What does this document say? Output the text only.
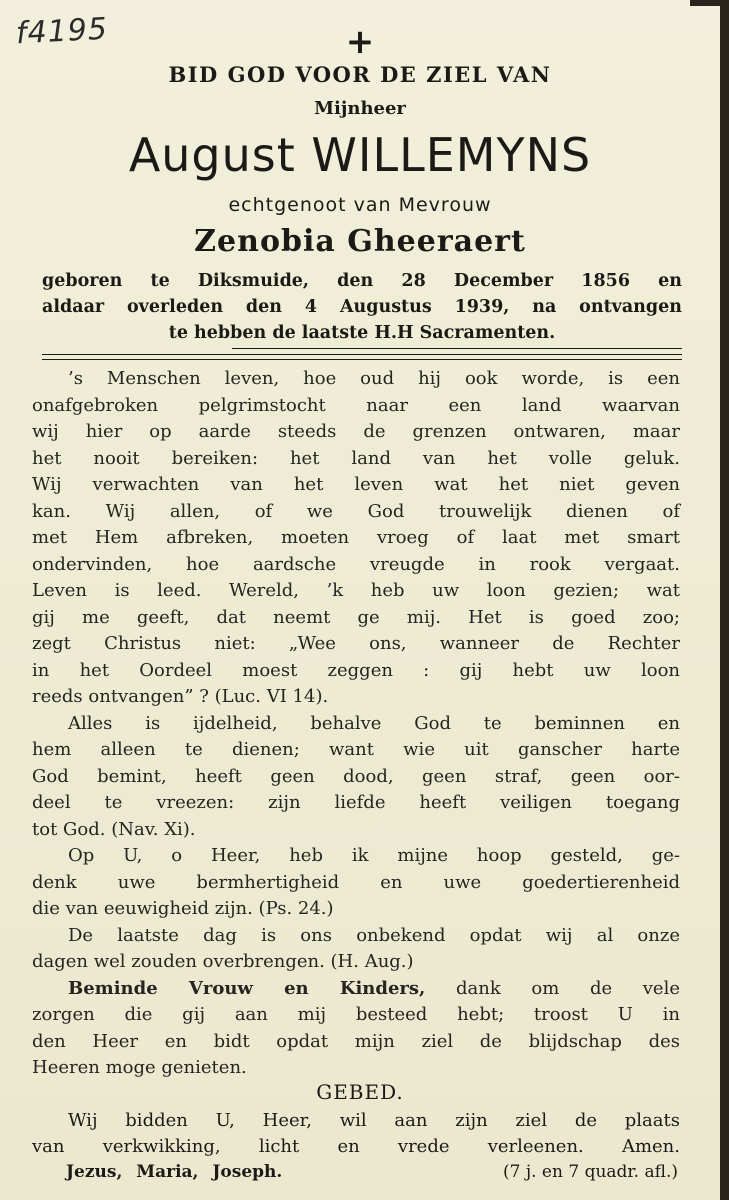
f4195	+
BID GOD VOOR DE ZIEL VAN
Mijnheer
August WILLEMYNS
echtgenoot van Mevrouw
Zenobia Gheeraert
geboren te Diksmuide, den 28 December 1856 en
aldaar overleden den 4 Augustus 1939, na ontvangen
te hebben de laatste H.H Sacramenten.
’s Menschen leven, hoe oud hij ook worde, is een
onafgebroken pelgrimstocht naar een land waarvan
wij hier op aarde steeds de grenzen ontwaren, maar
het nooit bereiken: het land van het volle geluk.
Wij verwachten van het leven wat het niet geven
kan. Wij allen, of we God trouwelijk dienen of
met Hem afbreken, moeten vroeg of laat met smart
ondervinden, hoe aardsche vreugde in rook vergaat.
Leven is leed. Wereld, ’k heb uw loon gezien; wat
gij me geeft, dat neemt ge mij. Het is goed zoo;
zegt Christus niet: „Wee ons, wanneer de Rechter
in het Oordeel moest zeggen : gij hebt uw loon
reeds ontvangen” ? (Luc. VI 14).
Alles is ijdelheid, behalve God te beminnen en
hem alleen te dienen; want wie uit ganscher harte
God bemint, heeft geen dood, geen straf, geen oor-
deel te vreezen: zijn liefde heeft veiligen toegang
tot God. (Nav. Xi).
Op U, o Heer, heb ik mijne hoop gesteld, ge-
denk uwe bermhertigheid en uwe goedertierenheid
die van eeuwigheid zijn. (Ps. 24.)
De laatste dag is ons onbekend opdat wij al onze
dagen wel zouden overbrengen. (H. Aug.)
Beminde Vrouw en Kinders, dank om de vele
zorgen die gij aan mij besteed hebt; troost U in
den Heer en bidt opdat mijn ziel de blijdschap des
Heeren moge genieten.
GEBED.
Wij bidden U, Heer, wil aan zijn ziel de plaats
van verkwikking, licht en vrede verleenen. Amen.
Jezus, Maria, Joseph.	(7 j. en 7 quadr. afl.)
